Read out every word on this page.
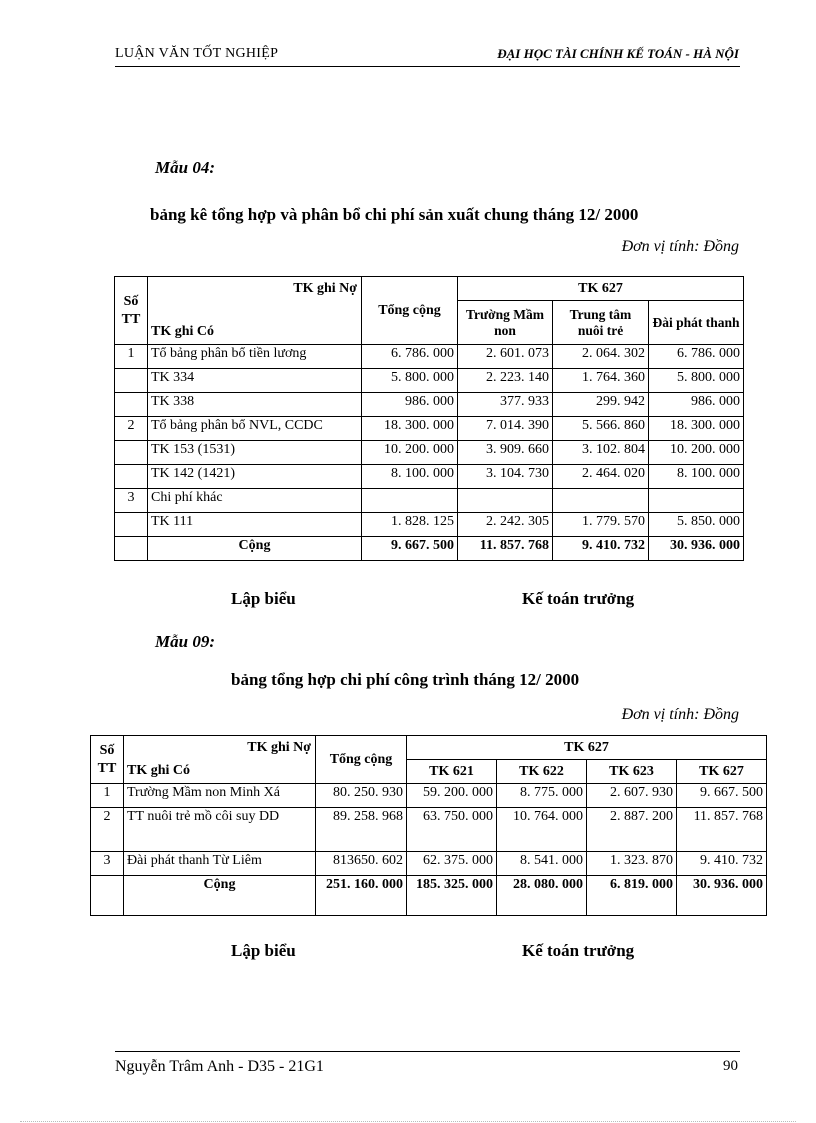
LUẬN VĂN TỐT NGHIỆP	ĐẠI HỌC TÀI CHÍNH KẾ TOÁN - HÀ NỘI
Mẫu 04:
bảng kê tổng hợp và phân bổ chi phí sản xuất chung tháng 12/ 2000
Đơn vị tính: Đồng
Số TT	TK ghi Nợ
TK ghi Có	Tổng cộng	TK 627		
			Trường Mầm non	Trung tâm nuôi trẻ	Đài phát thanh
1	Tổ bảng phân bổ tiền lương	6. 786. 000	2. 601. 073	2. 064. 302	6. 786. 000
	TK 334	5. 800. 000	2. 223. 140	1. 764. 360	5. 800. 000
	TK 338	986. 000	377. 933	299. 942	986. 000
2	Tổ bảng phân bổ NVL, CCDC	18. 300. 000	7. 014. 390	5. 566. 860	18. 300. 000
	TK 153 (1531)	10. 200. 000	3. 909. 660	3. 102. 804	10. 200. 000
	TK 142 (1421)	8. 100. 000	3. 104. 730	2. 464. 020	8. 100. 000
3	Chi phí khác				
	TK 111	1. 828. 125	2. 242. 305	1. 779. 570	5. 850. 000
	Cộng	9. 667. 500	11. 857. 768	9. 410. 732	30. 936. 000
Lập biểu	Kế toán trưởng
Mẫu 09:
bảng tổng hợp chi phí công trình tháng 12/ 2000
Đơn vị tính: Đồng
Số TT	TK ghi Nợ
TK ghi Có	Tổng cộng	TK 627			
			TK 621	TK 622	TK 623	TK 627
1	Trường Mầm non Minh Xá	80. 250. 930	59. 200. 000	8. 775. 000	2. 607. 930	9. 667. 500
2	TT nuôi trẻ mồ côi suy DD	89. 258. 968	63. 750. 000	10. 764. 000	2. 887. 200	11. 857. 768
3	Đài phát thanh Từ Liêm	813650. 602	62. 375. 000	8. 541. 000	1. 323. 870	9. 410. 732
	Cộng	251. 160. 000	185. 325. 000	28. 080. 000	6. 819. 000	30. 936. 000
Lập biểu	Kế toán trưởng
Nguyễn Trâm Anh - D35 - 21G1	90
